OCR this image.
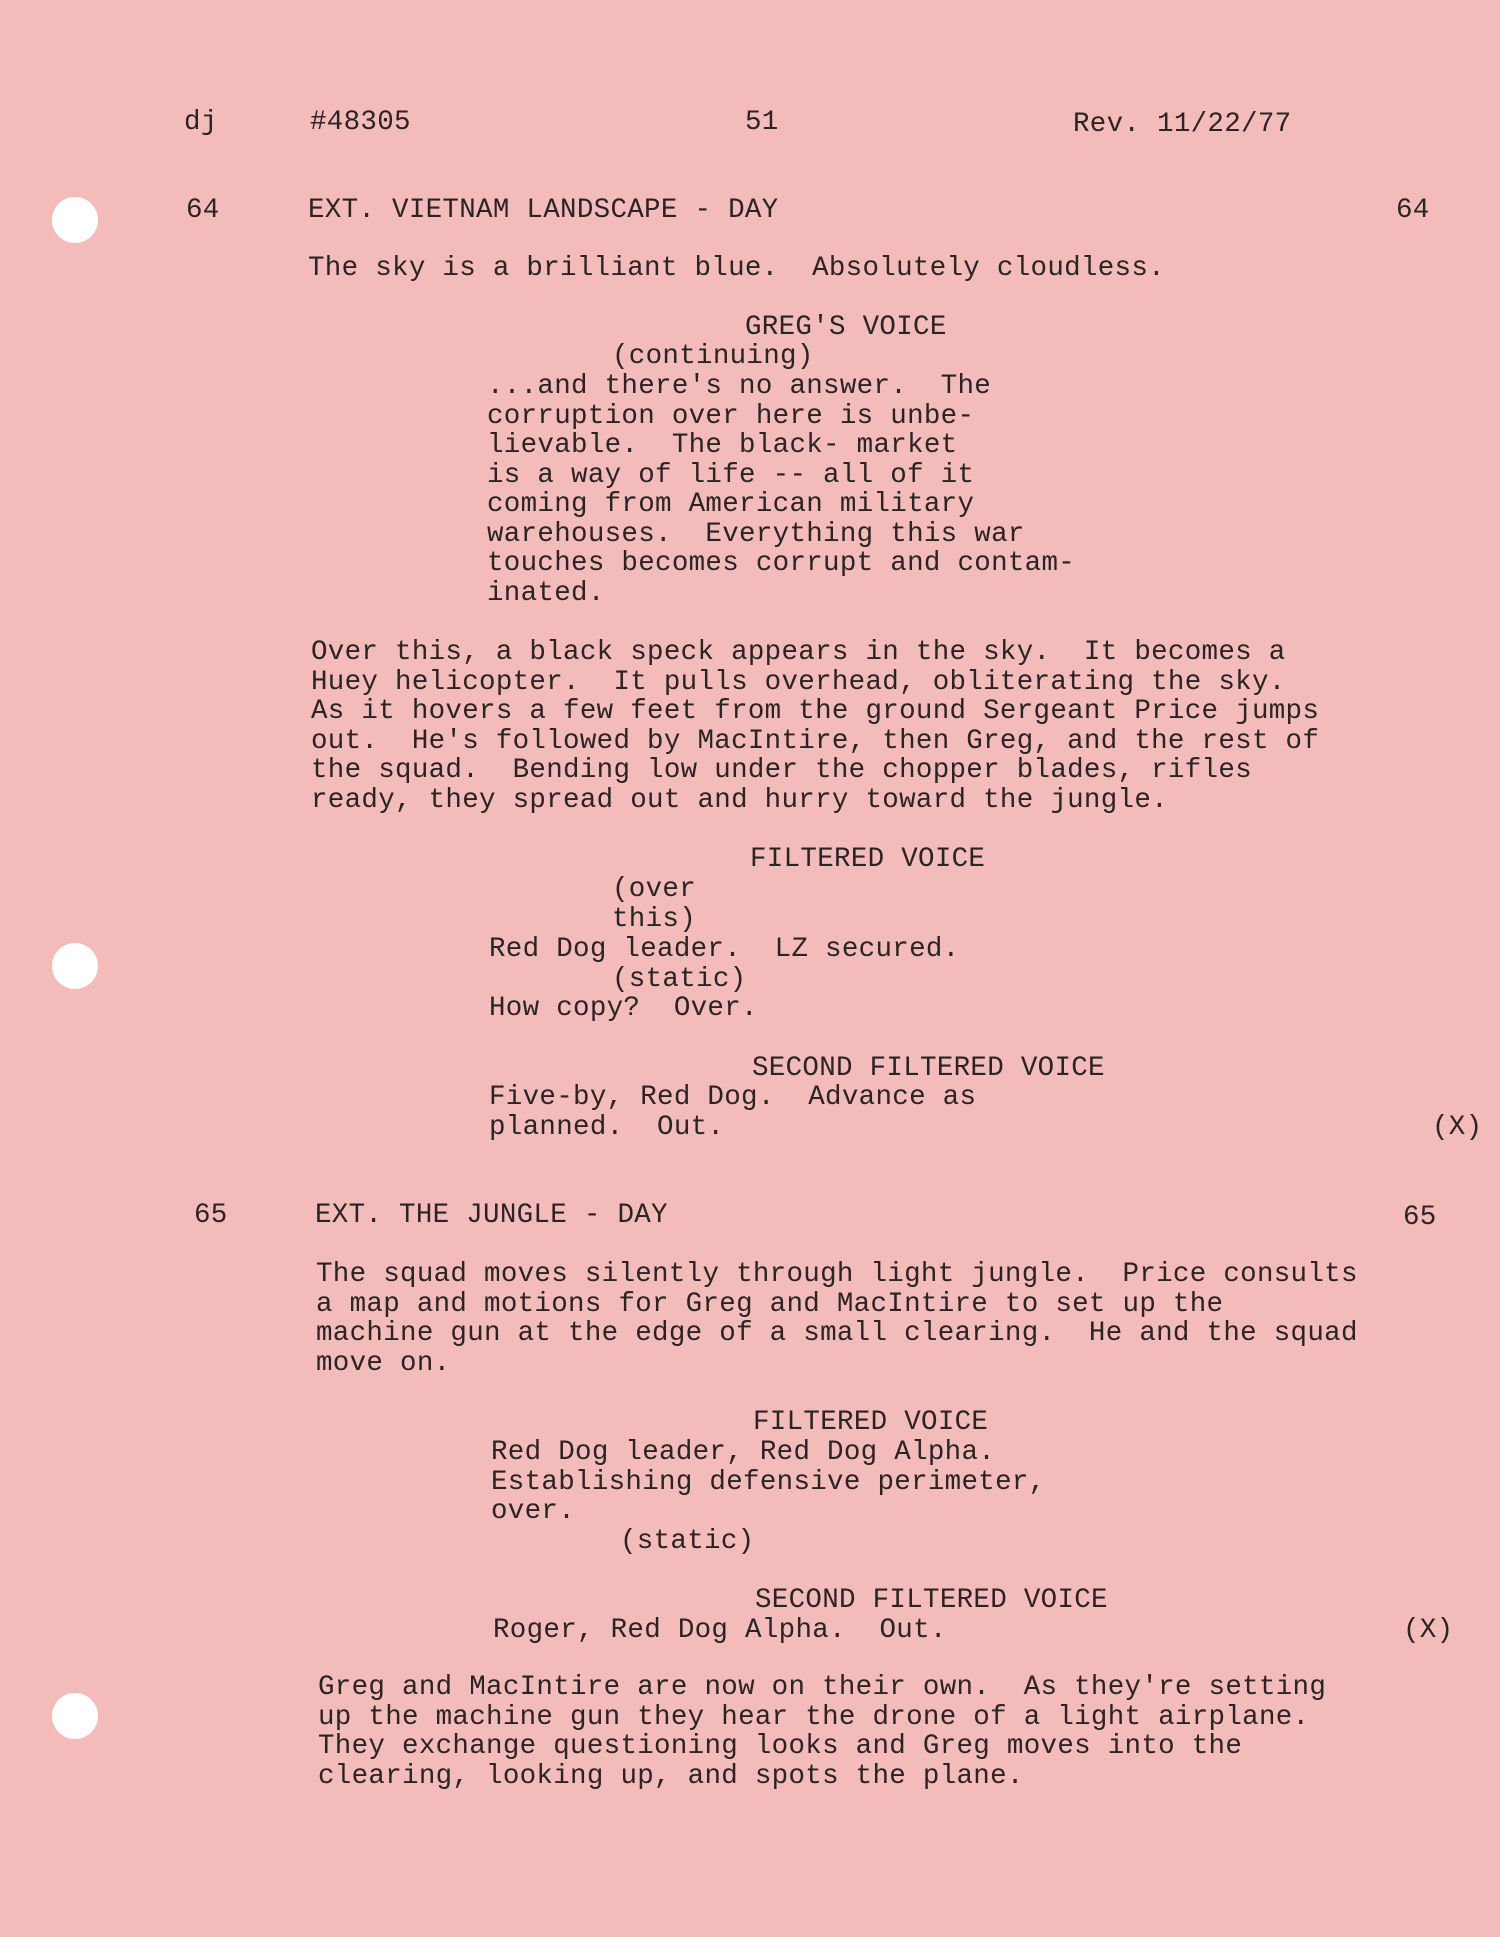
dj	#48305	51	Rev. 11/22/77

64	EXT. VIETNAM LANDSCAPE - DAY	64

The sky is a brilliant blue.  Absolutely cloudless.

GREG'S VOICE

(continuing)

...and there's no answer.  The
corruption over here is unbe-
lievable.  The black- market
is a way of life -- all of it
coming from American military
warehouses.  Everything this war
touches becomes corrupt and contam-
inated.

Over this, a black speck appears in the sky.  It becomes a
Huey helicopter.  It pulls overhead, obliterating the sky.
As it hovers a few feet from the ground Sergeant Price jumps
out.  He's followed by MacIntire, then Greg, and the rest of
the squad.  Bending low under the chopper blades, rifles
ready, they spread out and hurry toward the jungle.

FILTERED VOICE

(over
this)

Red Dog leader.  LZ secured.

(static)

How copy?  Over.

SECOND FILTERED VOICE

Five-by, Red Dog.  Advance as
planned.  Out.	(X)

65	EXT. THE JUNGLE - DAY	65

The squad moves silently through light jungle.  Price consults
a map and motions for Greg and MacIntire to set up the
machine gun at the edge of a small clearing.  He and the squad
move on.

FILTERED VOICE

Red Dog leader, Red Dog Alpha.
Establishing defensive perimeter,
over.

(static)

SECOND FILTERED VOICE

Roger, Red Dog Alpha.  Out.	(X)

Greg and MacIntire are now on their own.  As they're setting
up the machine gun they hear the drone of a light airplane.
They exchange questioning looks and Greg moves into the
clearing, looking up, and spots the plane.
